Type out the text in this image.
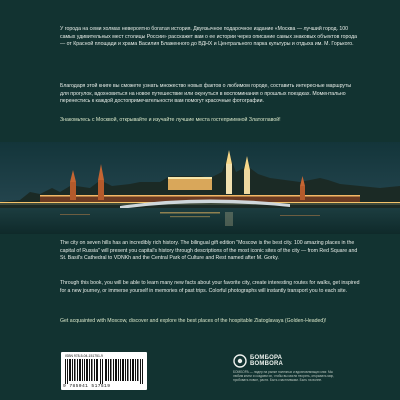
У города на семи холмах невероятно богатая история. Двуязычное подарочное издание «Москва — лучший город. 100 самых удивительных мест столицы России» расскажет вам о ее истории через описание самых знаковых объектов города — от Красной площади и храма Василия Блаженного до ВДНХ и Центрального парка культуры и отдыха им. М. Горького.
Благодаря этой книге вы сможете узнать множество новых фактов о любимом городе, составить интересные маршруты для прогулок, вдохновиться на новое путешествие или окунуться в воспоминания о прошлых поездках. Моментально перенестись к каждой достопримечательности вам помогут красочные фотографии.
Знакомьтесь с Москвой, открывайте и изучайте лучшие места гостеприимной Златоглавой!
The city on seven hills has an incredibly rich history. The bilingual gift edition "Moscow is the best city. 100 amazing places in the capital of Russia" will present you capital's history through descriptions of the most iconic sites of the city — from Red Square and St. Basil's Cathedral to VDNKh and the Central Park of Culture and Rest named after M. Gorky.
Through this book, you will be able to learn many new facts about your favorite city, create interesting routes for walks, get inspired for a new journey, or immerse yourself in memories of past trips. Colorful photographs will instantly transport you to each site.
Get acquainted with Moscow, discover and explore the best places of the hospitable Zlatoglavaya (Golden-Headed)!
ISBN 978-5-04-151751-9
9 785041 517519
БОМБОРА
BOMBORA
БОМБОРА — лидер на рынке полезных и вдохновляющих книг. Мы любим книги и создаем их, чтобы вы могли творить, открывать мир, пробовать новое, расти. Быть счастливыми. Быть на волне.
